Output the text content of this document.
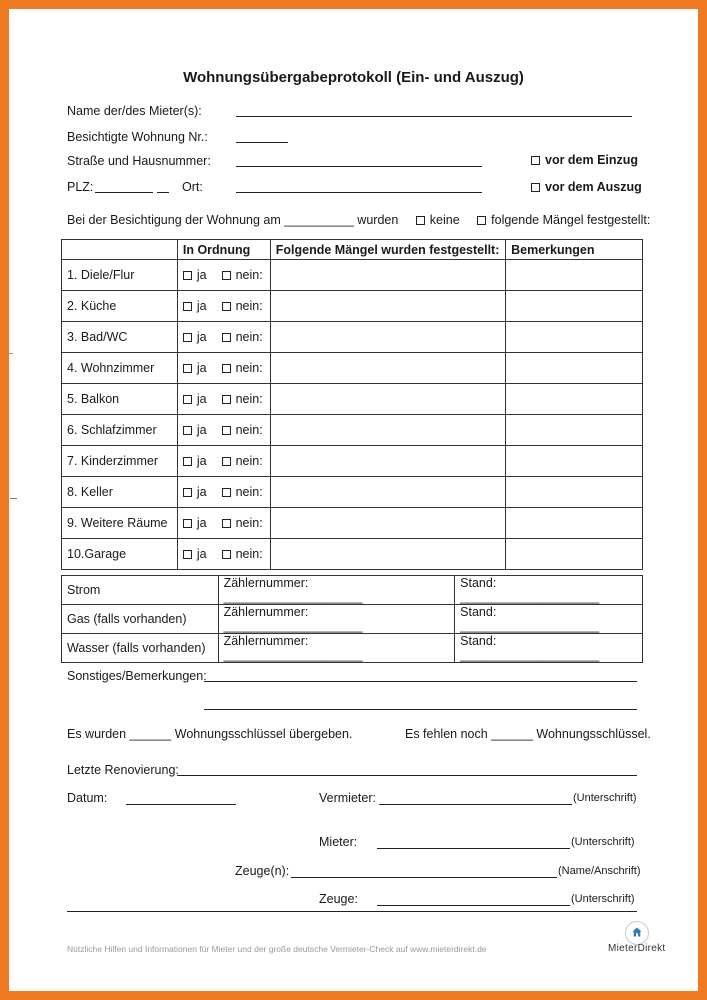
Wohnungsübergabeprotokoll (Ein- und Auszug)
Name der/des Mieter(s):
Besichtigte Wohnung Nr.:
Straße und Hausnummer:	vor dem Einzug
PLZ:	Ort:	vor dem Auszug
Bei der Besichtigung der Wohnung am __________ wurden	keine	folgende Mängel festgestellt:
	In Ordnung	Folgende Mängel wurden festgestellt:	Bemerkungen
1. Diele/Flur	ja nein:		
2. Küche	ja nein:		
3. Bad/WC	ja nein:		
4. Wohnzimmer	ja nein:		
5. Balkon	ja nein:		
6. Schlafzimmer	ja nein:		
7. Kinderzimmer	ja nein:		
8. Keller	ja nein:		
9. Weitere Räume	ja nein:		
10.Garage	ja nein:		
Strom	Zählernummer: ____________________	Stand: ____________________
Gas (falls vorhanden)	Zählernummer: ____________________	Stand: ____________________
Wasser (falls vorhanden)	Zählernummer: ____________________	Stand: ____________________
Sonstiges/Bemerkungen:
Es wurden ______ Wohnungsschlüssel übergeben.	Es fehlen noch ______ Wohnungsschlüssel.
Letzte Renovierung:
Datum:	Vermieter:	(Unterschrift)
Mieter:	(Unterschrift)
Zeuge(n):	(Name/Anschrift)
Zeuge:	(Unterschrift)
Nützliche Hilfen und Informationen für Mieter und der große deutsche Vermieter-Check auf www.mieterdirekt.de	MieterDirekt
